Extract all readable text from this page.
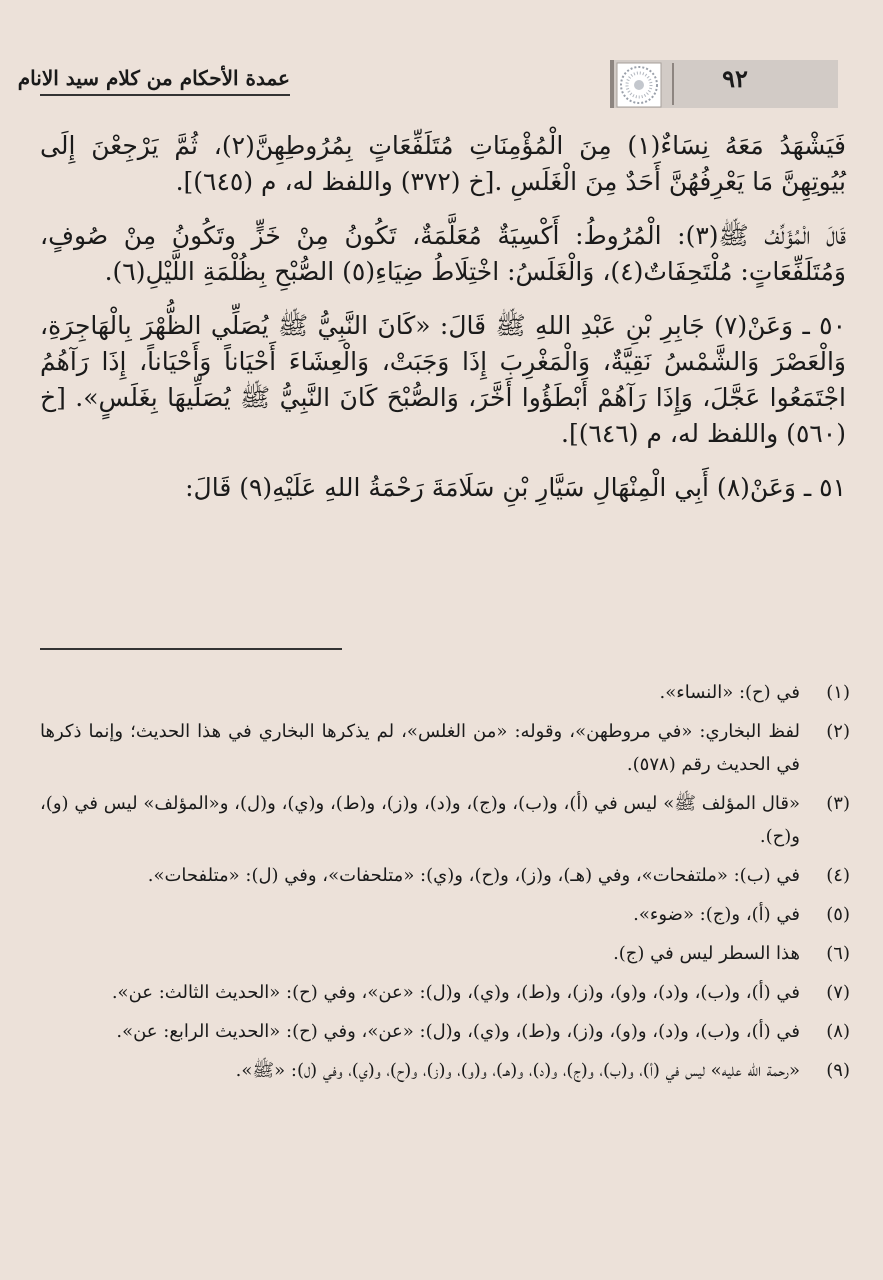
عمدة الأحكام من كلام سيد الانام	٩٢

فَيَشْهَدُ مَعَهُ نِسَاءٌ(١) مِنَ الْمُؤْمِنَاتِ مُتَلَفِّعَاتٍ بِمُرُوطِهِنَّ(٢)، ثُمَّ يَرْجِعْنَ إِلَى بُيُوتِهِنَّ مَا يَعْرِفُهُنَّ أَحَدٌ مِنَ الْغَلَسِ .[خ (٣٧٢) واللفظ له، م (٦٤٥)].

قَالَ الْمُؤَلِّفُ ﷺ(٣): الْمُرُوطُ: أَكْسِيَةٌ مُعَلَّمَةٌ، تَكُونُ مِنْ خَزٍّ وتَكُونُ مِنْ صُوفٍ، وَمُتَلَفِّعَاتٍ: مُلْتَحِفَاتٌ(٤)، وَالْغَلَسُ: اخْتِلَاطُ ضِيَاءِ(٥) الصُّبْحِ بِظُلْمَةِ اللَّيْلِ(٦).

٥٠ ـ وَعَنْ(٧) جَابِرِ بْنِ عَبْدِ اللهِ ﷺ قَالَ: «كَانَ النَّبِيُّ ﷺ يُصَلِّي الظُّهْرَ بِالْهَاجِرَةِ، وَالْعَصْرَ وَالشَّمْسُ نَقِيَّةٌ، وَالْمَغْرِبَ إِذَا وَجَبَتْ، وَالْعِشَاءَ أَحْيَاناً وَأَحْيَاناً، إِذَا رَآهُمُ اجْتَمَعُوا عَجَّلَ، وَإِذَا رَآهُمْ أَبْطَؤُوا أَخَّرَ، وَالصُّبْحَ كَانَ النَّبِيُّ ﷺ يُصَلِّيهَا بِغَلَسٍ». [خ (٥٦٠) واللفظ له، م (٦٤٦)].

٥١ ـ وَعَنْ(٨) أَبِي الْمِنْهَالِ سَيَّارِ بْنِ سَلَامَةَ رَحْمَةُ اللهِ عَلَيْهِ(٩) قَالَ:

(١)
في (ح): «النساء».
(٢)
لفظ البخاري: «في مروطهن»، وقوله: «من الغلس»، لم يذكرها البخاري في هذا الحديث؛ وإنما ذكرها في الحديث رقم (٥٧٨).
(٣)
«قال المؤلف ﷺ» ليس في (أ)، و(ب)، و(ج)، و(د)، و(ز)، و(ط)، و(ي)، و(ل)، و«المؤلف» ليس في (و)، و(ح).
(٤)
في (ب): «ملتفحات»، وفي (هـ)، و(ز)، و(ح)، و(ي): «متلحفات»، وفي (ل): «متلفحات».
(٥)
في (أ)، و(ج): «ضوء».
(٦)
هذا السطر ليس في (ج).
(٧)
في (أ)، و(ب)، و(د)، و(و)، و(ز)، و(ط)، و(ي)، و(ل): «عن»، وفي (ح): «الحديث الثالث: عن».
(٨)
في (أ)، و(ب)، و(د)، و(و)، و(ز)، و(ط)، و(ي)، و(ل): «عن»، وفي (ح): «الحديث الرابع: عن».
(٩)
«رحمة الله عليه» ليس في (أ)، و(ب)، و(ج)، و(د)، و(هـ)، و(و)، و(ز)، و(ح)، و(ي)، وفي (ل): «ﷺ».
